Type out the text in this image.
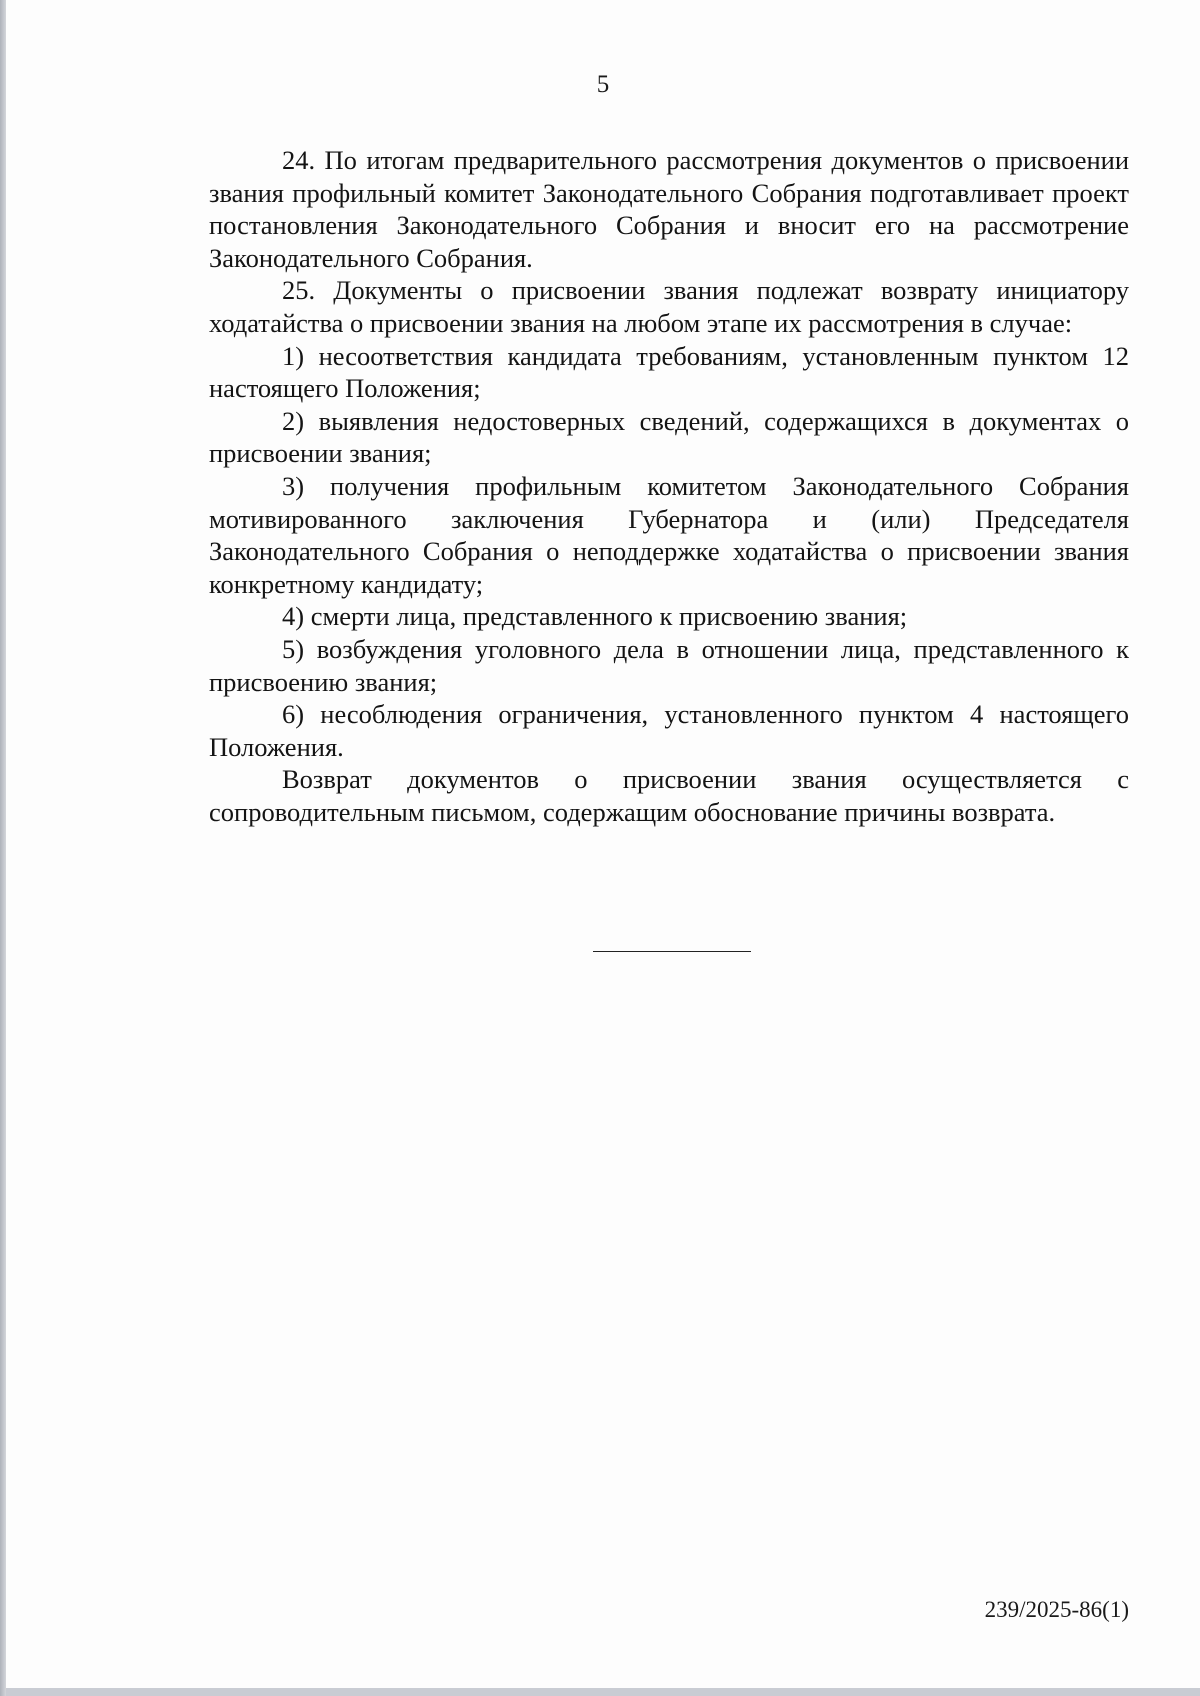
5

24. По итогам предварительного рассмотрения документов о присвоении звания профильный комитет Законодательного Собрания подготавливает проект постановления Законодательного Собрания и вносит его на рассмотрение Законодательного Собрания.

25. Документы о присвоении звания подлежат возврату инициатору ходатайства о присвоении звания на любом этапе их рассмотрения в случае:

1) несоответствия кандидата требованиям, установленным пунктом 12 настоящего Положения;

2) выявления недостоверных сведений, содержащихся в документах о присвоении звания;

3) получения профильным комитетом Законодательного Собрания мотивированного заключения Губернатора и (или) Председателя Законодательного Собрания о неподдержке ходатайства о присвоении звания конкретному кандидату;

4) смерти лица, представленного к присвоению звания;

5) возбуждения уголовного дела в отношении лица, представленного к присвоению звания;

6) несоблюдения ограничения, установленного пунктом 4 настоящего Положения.

Возврат документов о присвоении звания осуществляется с сопроводительным письмом, содержащим обоснование причины возврата.

239/2025-86(1)
